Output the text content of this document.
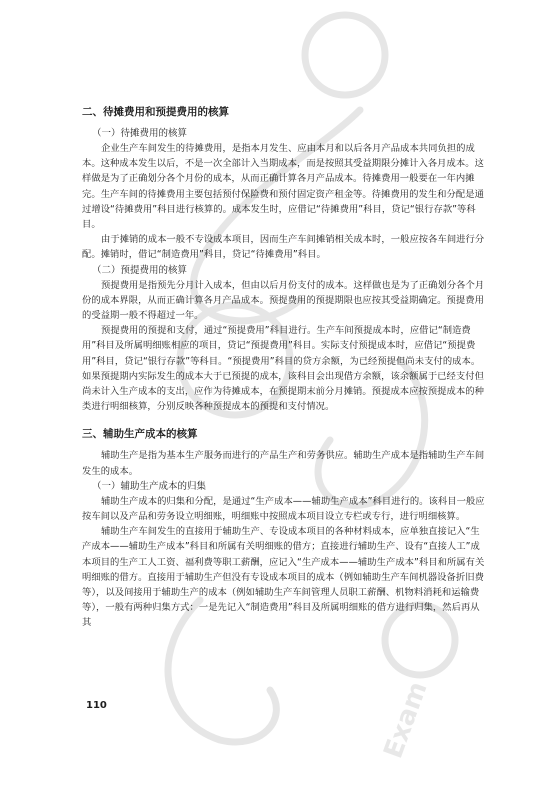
Exam
二、待摊费用和预提费用的核算
（一）待摊费用的核算

企业生产车间发生的待摊费用，是指本月发生、应由本月和以后各月产品成本共同负担的成本。这种成本发生以后，不是一次全部计入当期成本，而是按照其受益期限分摊计入各月成本。这样做是为了正确划分各个月份的成本，从而正确计算各月产品成本。待摊费用一般要在一年内摊完。生产车间的待摊费用主要包括预付保险费和预付固定资产租金等。待摊费用的发生和分配是通过增设“待摊费用”科目进行核算的。成本发生时，应借记“待摊费用”科目，贷记“银行存款”等科目。

由于摊销的成本一般不专设成本项目，因而生产车间摊销相关成本时，一般应按各车间进行分配。摊销时，借记“制造费用”科目，贷记“待摊费用”科目。

（二）预提费用的核算

预提费用是指预先分月计入成本，但由以后月份支付的成本。这样做也是为了正确划分各个月份的成本界限，从而正确计算各月产品成本。预提费用的预提期限也应按其受益期确定。预提费用的受益期一般不得超过一年。

预提费用的预提和支付，通过“预提费用”科目进行。生产车间预提成本时，应借记“制造费用”科目及所属明细账相应的项目，贷记“预提费用”科目。实际支付预提成本时，应借记“预提费用”科目，贷记“银行存款”等科目。“预提费用”科目的贷方余额，为已经预提但尚未支付的成本。如果预提期内实际发生的成本大于已预提的成本，该科目会出现借方余额，该余额属于已经支付但尚未计入生产成本的支出，应作为待摊成本，在预提期末前分月摊销。预提成本应按预提成本的种类进行明细核算，分别反映各种预提成本的预提和支付情况。

三、辅助生产成本的核算

辅助生产是指为基本生产服务而进行的产品生产和劳务供应。辅助生产成本是指辅助生产车间发生的成本。

（一）辅助生产成本的归集

辅助生产成本的归集和分配，是通过“生产成本——辅助生产成本”科目进行的。该科目一般应按车间以及产品和劳务设立明细账，明细账中按照成本项目设立专栏或专行，进行明细核算。

辅助生产车间发生的直接用于辅助生产、专设成本项目的各种材料成本，应单独直接记入“生产成本——辅助生产成本”科目和所属有关明细账的借方；直接进行辅助生产、设有“直接人工”成本项目的生产工人工资、福利费等职工薪酬，应记入“生产成本——辅助生产成本”科目和所属有关明细账的借方。直接用于辅助生产但没有专设成本项目的成本（例如辅助生产车间机器设备折旧费等），以及间接用于辅助生产的成本（例如辅助生产车间管理人员职工薪酬、机物料消耗和运输费等），一般有两种归集方式：一是先记入“制造费用”科目及所属明细账的借方进行归集，然后再从其

110
